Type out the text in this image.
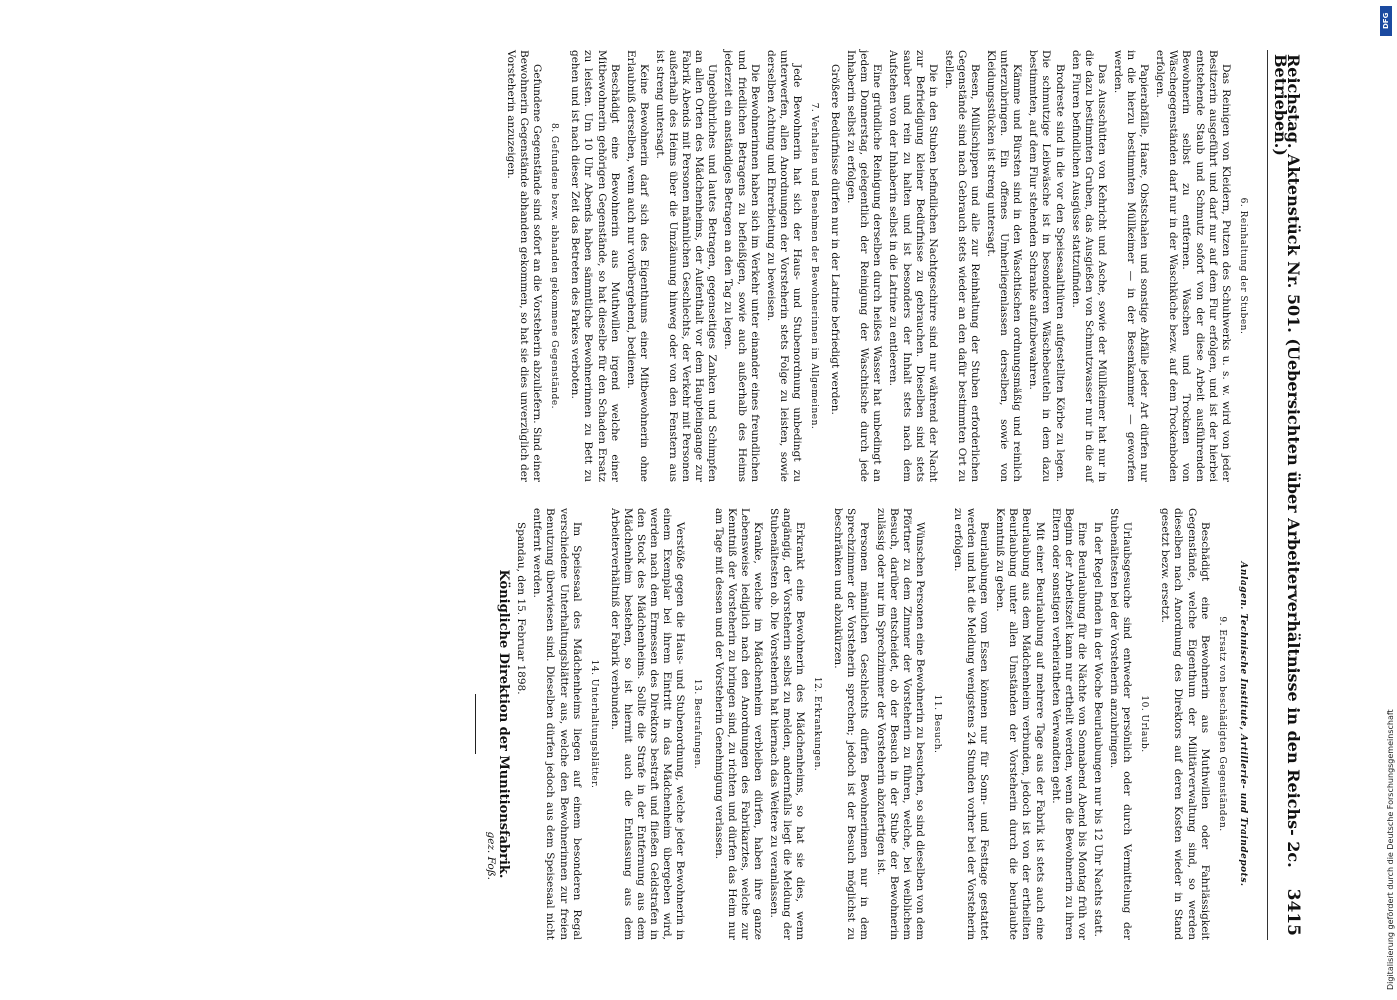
Reichstag. Aktenstück Nr. 501. (Uebersichten über Arbeiterverhältnisse in den Reichs- 2c. Betrieben.)
3415
6. Reinhaltung der Stuben.

Das Reinigen von Kleidern, Putzen des Schuhwerks u. s. w. wird von jeder Besitzerin ausgeführt und darf nur auf dem Flur erfolgen, und ist der hierbei entstehende Staub und Schmutz sofort von der diese Arbeit ausführenden Bewohnerin selbst zu entfernen. Waschen und Trocknen von Wäschegegenständen darf nur in der Waschküche bezw. auf dem Trockenboden erfolgen.

Papierabfälle, Haare, Obstschalen und sonstige Abfälle jeder Art dürfen nur in die hierzu bestimmten Müllkeimer — in der Besenkammer — geworfen werden.

Das Ausschütten von Kehricht und Asche, sowie der Müllkeimer hat nur in die dazu bestimmten Gruben, das Ausgießen von Schmutzwasser nur in die auf den Fluren befindlichen Ausgüsse stattzufinden.

Brodreste sind in die vor den Speisesaalthüren aufgestellten Körbe zu legen. Die schmutzige Leibwäsche ist in besonderen Wäschebeuteln in dem dazu bestimmten, auf dem Flur stehenden Schranke aufzubewahren.

Kämme und Bürsten sind in den Waschtischen ordnungsmäßig und reinlich unterzubringen. Ein offenes Umherliegenlassen derselben, sowie von Kleidungsstücken ist streng untersagt.

Besen, Müllschippen und alle zur Reinhaltung der Stuben erforderlichen Gegenstände sind nach Gebrauch stets wieder an den dafür bestimmten Ort zu stellen.

Die in den Stuben befindlichen Nachtgeschirre sind nur während der Nacht zur Befriedigung kleiner Bedürfnisse zu gebrauchen. Dieselben sind stets sauber und rein zu halten und ist besonders der Inhalt stets nach dem Aufstehen von der Inhaberin selbst in die Latrine zu entleeren.

Eine gründliche Reinigung derselben durch heißes Wasser hat unbedingt an jedem Donnerstag, gelegentlich der Reinigung der Waschtische durch jede Inhaberin selbst zu erfolgen.

Größere Bedürfnisse dürfen nur in der Latrine befriedigt werden.

7. Verhalten und Benehmen der Bewohnerinnen im Allgemeinen.

Jede Bewohnerin hat sich der Haus- und Stubenordnung unbedingt zu unterwerfen, allen Anordnungen der Vorsteherin stets Folge zu leisten, sowie derselben Achtung und Ehrerbietung zu beweisen.

Die Bewohnerinnen haben sich im Verkehr unter einander eines freundlichen und friedlichen Betragens zu befleißigen, sowie auch außerhalb des Heims jederzeit ein anständiges Betragen an den Tag zu legen.

Ungebührliches und lautes Betragen, gegenseitiges Zanken und Schimpfen an allen Orten des Mädchenheims, der Aufenthalt vor dem Haupteingange zur Fabrik Abends mit Personen männlichen Geschlechts, der Verkehr mit Personen außerhalb des Heims über die Umzäunung hinweg oder von den Fenstern aus ist streng untersagt.

Keine Bewohnerin darf sich des Eigenthums einer Mitbewohnerin ohne Erlaubniß derselben, wenn auch nur vorübergehend, bedienen.

Beschädigt eine Bewohnerin aus Muthwillen irgend welche einer Mitbewohnerin gehörigen Gegenstände, so hat dieselbe für den Schaden Ersatz zu leisten. Um 10 Uhr Abends haben sämmtliche Bewohnerinnen zu Bett zu gehen und ist nach dieser Zeit das Betreten des Parkes verboten.

8. Gefundene bezw. abhanden gekommene Gegenstände.

Gefundene Gegenstände sind sofort an die Vorsteherin abzuliefern. Sind einer Bewohnerin Gegenstände abhanden gekommen, so hat sie dies unverzüglich der Vorsteherin anzuzeigen.

Anlagen. Technische Institute, Artillerie- und Traindepots.
9. Ersatz von beschädigten Gegenständen.

Beschädigt eine Bewohnerin aus Muthwillen oder Fahrlässigkeit Gegenstände, welche Eigenthum der Militärverwaltung sind, so werden dieselben nach Anordnung des Direktors auf deren Kosten wieder in Stand gesetzt bezw. ersetzt.

10. Urlaub.

Urlaubsgesuche sind entweder persönlich oder durch Vermittelung der Stubenältesten bei der Vorsteherin anzubringen.

In der Regel finden in der Woche Beurlaubungen nur bis 12 Uhr Nachts statt.

Eine Beurlaubung für die Nächte von Sonnabend Abend bis Montag früh vor Beginn der Arbeitszeit kann nur ertheilt werden, wenn die Bewohnerin zu ihren Eltern oder sonstigen verheiratheten Verwandten geht.

Mit einer Beurlaubung auf mehrere Tage aus der Fabrik ist stets auch eine Beurlaubung aus dem Mädchenheim verbunden, jedoch ist von der ertheilten Beurlaubung unter allen Umständen der Vorsteherin durch die beurlaubte Kenntniß zu geben.

Beurlaubungen vom Essen können nur für Sonn- und Festtage gestattet werden und hat die Meldung wenigstens 24 Stunden vorher bei der Vorsteherin zu erfolgen.

11. Besuch.

Wünschen Personen eine Bewohnerin zu besuchen, so sind dieselben von dem Pförtner zu dem Zimmer der Vorsteherin zu führen, welche, bei weiblichem Besuch, darüber entscheidet, ob der Besuch in der Stube der Bewohnerin zulässig oder nur im Sprechzimmer der Vorsteherin abzufertigen ist.

Personen männlichen Geschlechts dürfen Bewohnerinnen nur in dem Sprechzimmer der Vorsteherin sprechen; jedoch ist der Besuch möglichst zu beschränken und abzukürzen.

12. Erkrankungen.

Erkrankt eine Bewohnerin des Mädchenheims, so hat sie dies, wenn angängig, der Vorsteherin selbst zu melden, andernfalls liegt die Meldung der Stubenältesten ob. Die Vorsteherin hat hiernach das Weitere zu veranlassen.

Kranke, welche im Mädchenheim verbleiben dürfen, haben ihre ganze Lebensweise lediglich nach den Anordnungen des Fabrikarztes, welche zur Kenntniß der Vorsteherin zu bringen sind, zu richten und dürfen das Heim nur am Tage mit dessen und der Vorsteherin Genehmigung verlassen.

13. Bestrafungen.

Verstöße gegen die Haus- und Stubenordnung, welche jeder Bewohnerin in einem Exemplar bei ihrem Eintritt in das Mädchenheim übergeben wird, werden nach dem Ermessen des Direktors bestraft und fließen Geldstrafen in den Stock des Mädchenheims. Sollte die Strafe in der Entfernung aus dem Mädchenheim bestehen, so ist hiermit auch die Entlassung aus dem Arbeiterverhältniß der Fabrik verbunden.

14. Unterhaltungsblätter.

Im Speisesaal des Mädchenheims liegen auf einem besonderen Regal verschiedene Unterhaltungsblätter aus, welche den Bewohnerinnen zur freien Benutzung überwiesen sind. Dieselben dürfen jedoch aus dem Speisesaal nicht entfernt werden.

Spandau, den 15. Februar 1898.

Königliche Direktion der Munitionsfabrik.
gez. Foß.
DFG
Digitalisierung gefördert durch die Deutsche Forschungsgemeinschaft
